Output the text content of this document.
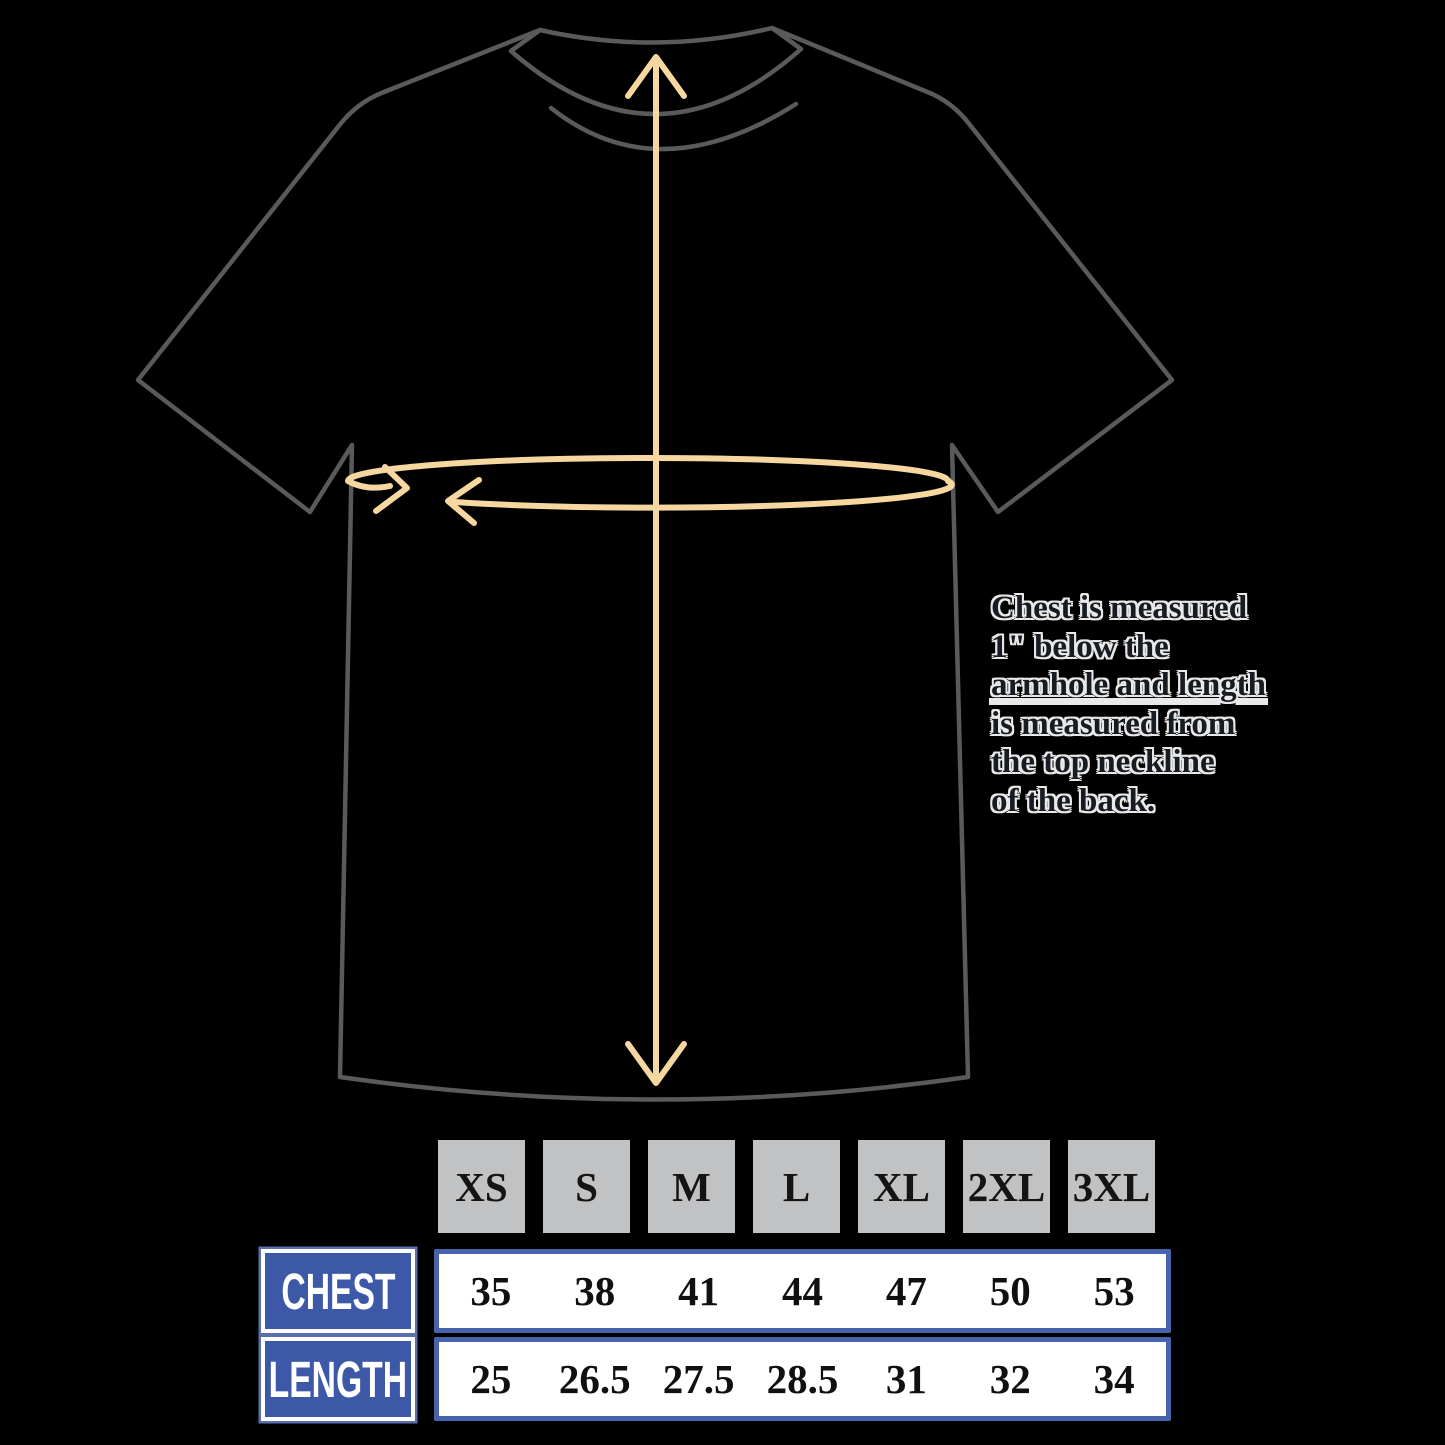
Chest is measured
1" below the
armhole and length
is measured from
the top neckline
of the back.
XS	S	M	L	XL 2XL 3XL
CHEST 35 38 41 44 47 50 53
LENGTH 25 26.5 27.5 28.5 31 32 34
